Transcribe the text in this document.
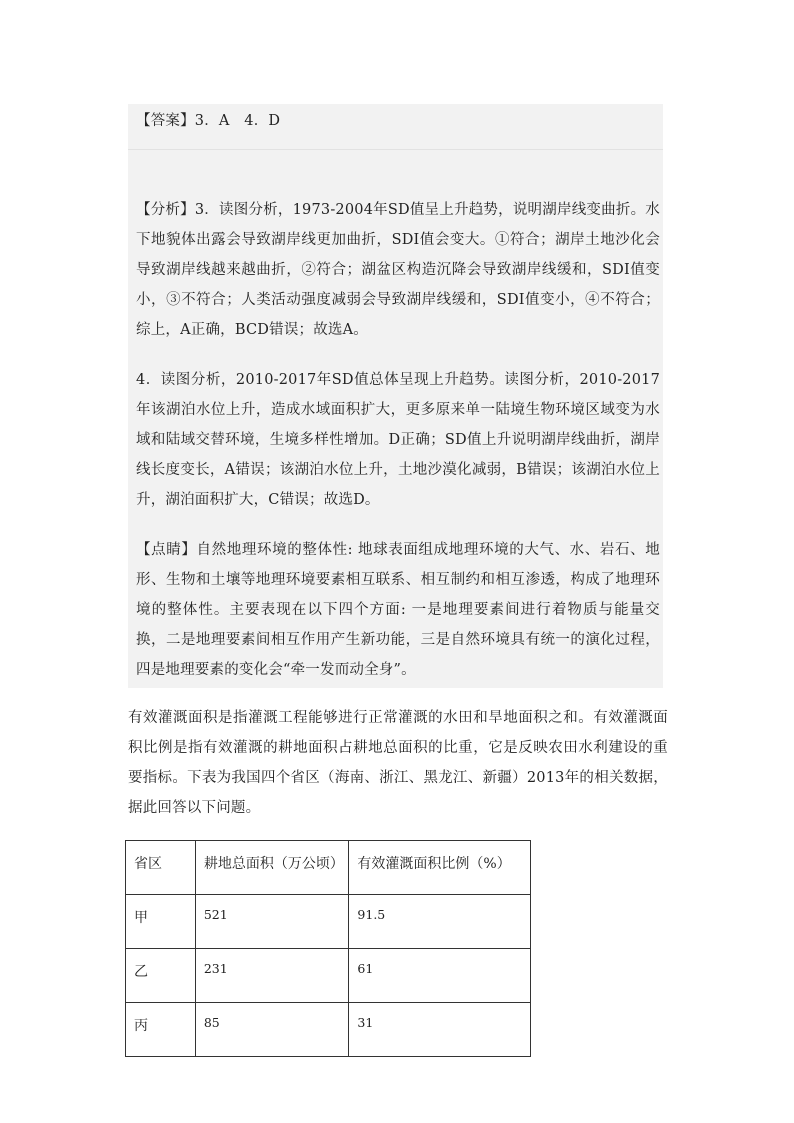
【答案】3．A　4．D

【分析】3．读图分析，1973-2004年SD值呈上升趋势，说明湖岸线变曲折。水下地貌体出露会导致湖岸线更加曲折，SDI值会变大。①符合；湖岸土地沙化会导致湖岸线越来越曲折，②符合；湖盆区构造沉降会导致湖岸线缓和，SDI值变小，③不符合；人类活动强度减弱会导致湖岸线缓和，SDI值变小，④不符合；综上，A正确，BCD错误；故选A。

4．读图分析，2010-2017年SD值总体呈现上升趋势。读图分析，2010-2017年该湖泊水位上升，造成水域面积扩大，更多原来单一陆境生物环境区域变为水域和陆域交替环境，生境多样性增加。D正确；SD值上升说明湖岸线曲折，湖岸线长度变长，A错误；该湖泊水位上升，土地沙漠化减弱，B错误；该湖泊水位上升，湖泊面积扩大，C错误；故选D。

【点睛】自然地理环境的整体性: 地球表面组成地理环境的大气、水、岩石、地形、生物和土壤等地理环境要素相互联系、相互制约和相互渗透，构成了地理环境的整体性。主要表现在以下四个方面: 一是地理要素间进行着物质与能量交换，二是地理要素间相互作用产生新功能，三是自然环境具有统一的演化过程，四是地理要素的变化会“牵一发而动全身”。

有效灌溉面积是指灌溉工程能够进行正常灌溉的水田和旱地面积之和。有效灌溉面积比例是指有效灌溉的耕地面积占耕地总面积的比重，它是反映农田水利建设的重要指标。下表为我国四个省区（海南、浙江、黑龙江、新疆）2013年的相关数据，据此回答以下问题。

省区	耕地总面积（万公顷）	有效灌溉面积比例（%）
甲	521	91.5
乙	231	61
丙	85	31
